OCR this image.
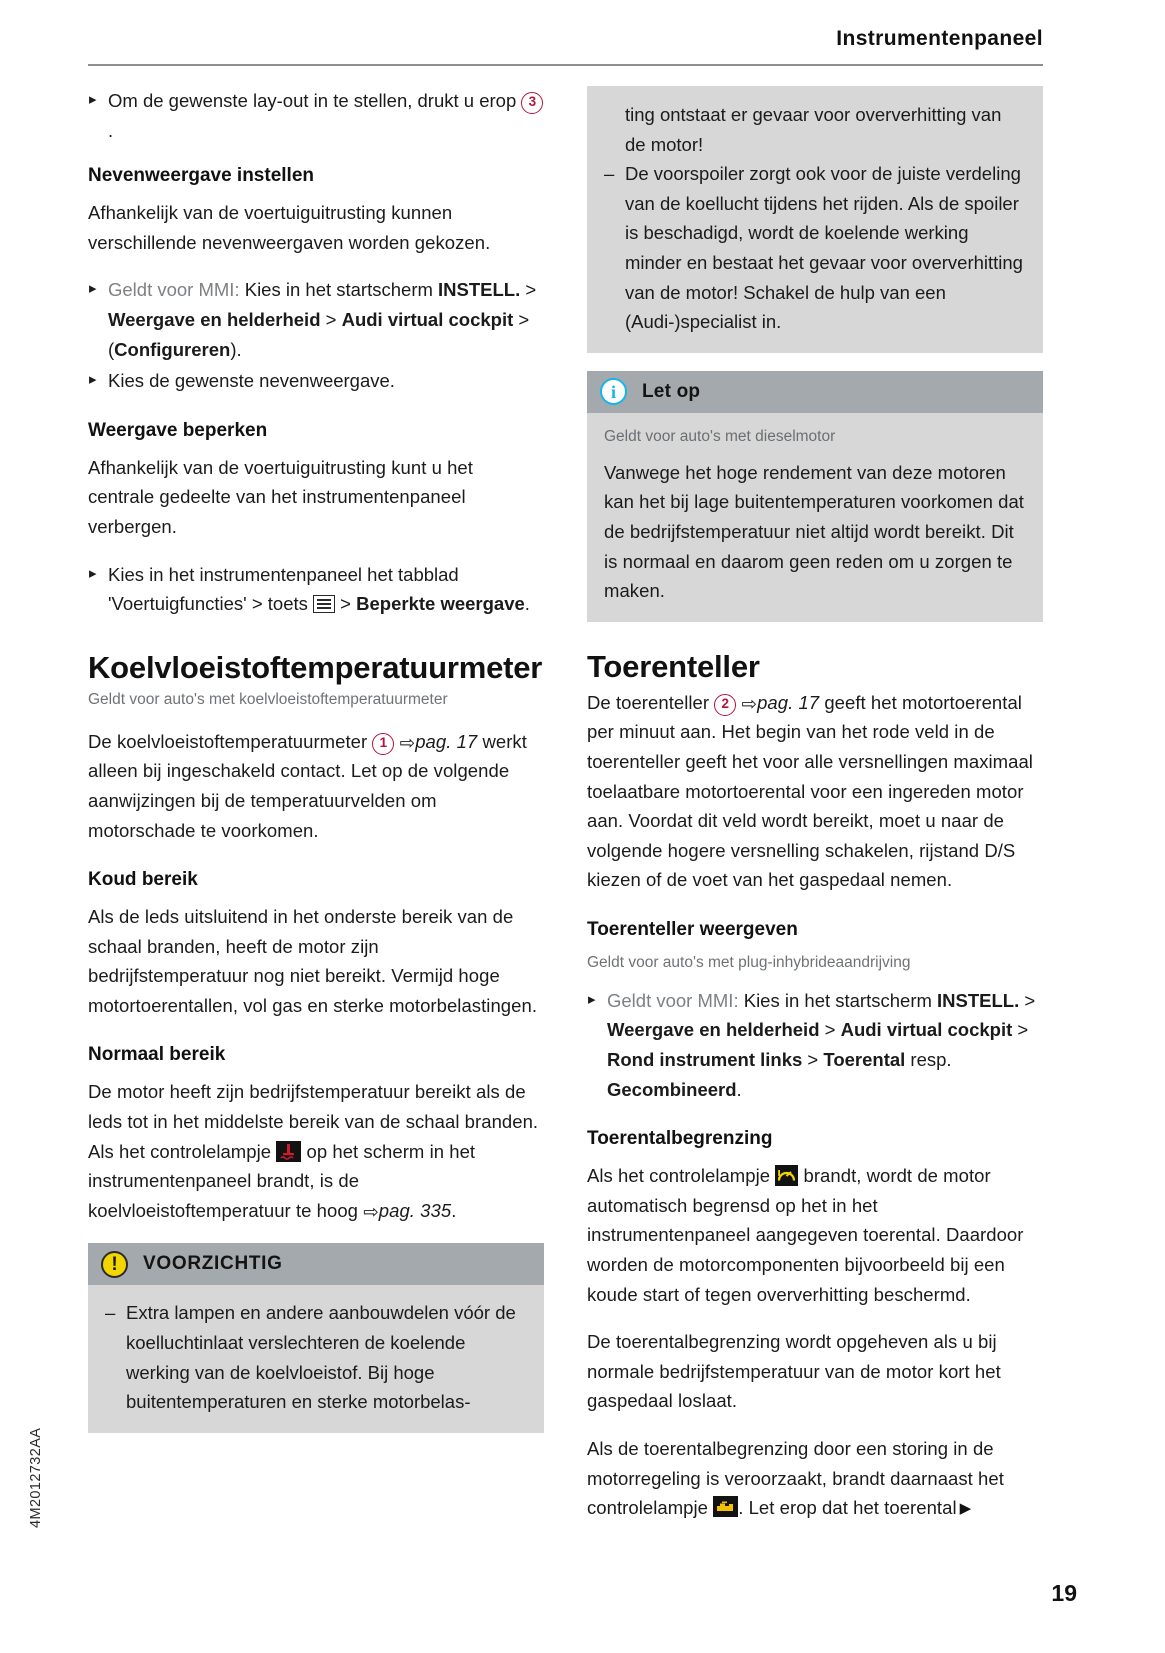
Instrumentenpaneel
▸ Om de gewenste lay-out in te stellen, drukt u erop 3.
Nevenweergave instellen

Afhankelijk van de voertuiguitrusting kunnen verschillende nevenweergaven worden gekozen.

▸ Geldt voor MMI: Kies in het startscherm INSTELL. > Weergave en helderheid > Audi virtual cockpit > (Configureren).
▸ Kies de gewenste nevenweergave.
Weergave beperken

Afhankelijk van de voertuiguitrusting kunt u het centrale gedeelte van het instrumentenpaneel verbergen.

▸ Kies in het instrumentenpaneel het tabblad 'Voertuigfuncties' > toets
> Beperkte weergave.
Koelvloeistoftemperatuurmeter
Geldt voor auto's met koelvloeistoftemperatuurmeter

De koelvloeistoftemperatuurmeter 1 ⇨pag. 17 werkt alleen bij ingeschakeld contact. Let op de volgende aanwijzingen bij de temperatuurvelden om motorschade te voorkomen.

Koud bereik

Als de leds uitsluitend in het onderste bereik van de schaal branden, heeft de motor zijn bedrijfstemperatuur nog niet bereikt. Vermijd hoge motortoerentallen, vol gas en sterke motorbelastingen.

Normaal bereik

De motor heeft zijn bedrijfstemperatuur bereikt als de leds tot in het middelste bereik van de schaal branden. Als het controlelampje  op het scherm in het instrumentenpaneel brandt, is de koelvloeistoftemperatuur te hoog ⇨pag. 335.

!	VOORZICHTIG
– Extra lampen en andere aanbouwdelen vóór de koelluchtinlaat verslechteren de koelende werking van de koelvloeistof. Bij hoge buitentemperaturen en sterke motorbelas-
ting ontstaat er gevaar voor oververhitting van de motor!
– De voorspoiler zorgt ook voor de juiste verdeling van de koellucht tijdens het rijden. Als de spoiler is beschadigd, wordt de koelende werking minder en bestaat het gevaar voor oververhitting van de motor! Schakel de hulp van een (Audi-)specialist in.
i	Let op
Geldt voor auto's met dieselmotor

Vanwege het hoge rendement van deze motoren kan het bij lage buitentemperaturen voorkomen dat de bedrijfstemperatuur niet altijd wordt bereikt. Dit is normaal en daarom geen reden om u zorgen te maken.

Toerenteller

De toerenteller 2 ⇨pag. 17 geeft het motortoerental per minuut aan. Het begin van het rode veld in de toerenteller geeft het voor alle versnellingen maximaal toelaatbare motortoerental voor een ingereden motor aan. Voordat dit veld wordt bereikt, moet u naar de volgende hogere versnelling schakelen, rijstand D/S kiezen of de voet van het gaspedaal nemen.

Toerenteller weergeven
Geldt voor auto's met plug-inhybrideaandrijving
▸ Geldt voor MMI: Kies in het startscherm INSTELL. > Weergave en helderheid > Audi virtual cockpit > Rond instrument links > Toerental resp. Gecombineerd.
Toerentalbegrenzing

Als het controlelampje  brandt, wordt de motor automatisch begrensd op het in het instrumentenpaneel aangegeven toerental. Daardoor worden de motorcomponenten bijvoorbeeld bij een koude start of tegen oververhitting beschermd.

De toerentalbegrenzing wordt opgeheven als u bij normale bedrijfstemperatuur van de motor kort het gaspedaal loslaat.

Als de toerentalbegrenzing door een storing in de motorregeling is veroorzaakt, brandt daarnaast het controlelampje . Let erop dat het toerental ▶

4M2012732AA
19
